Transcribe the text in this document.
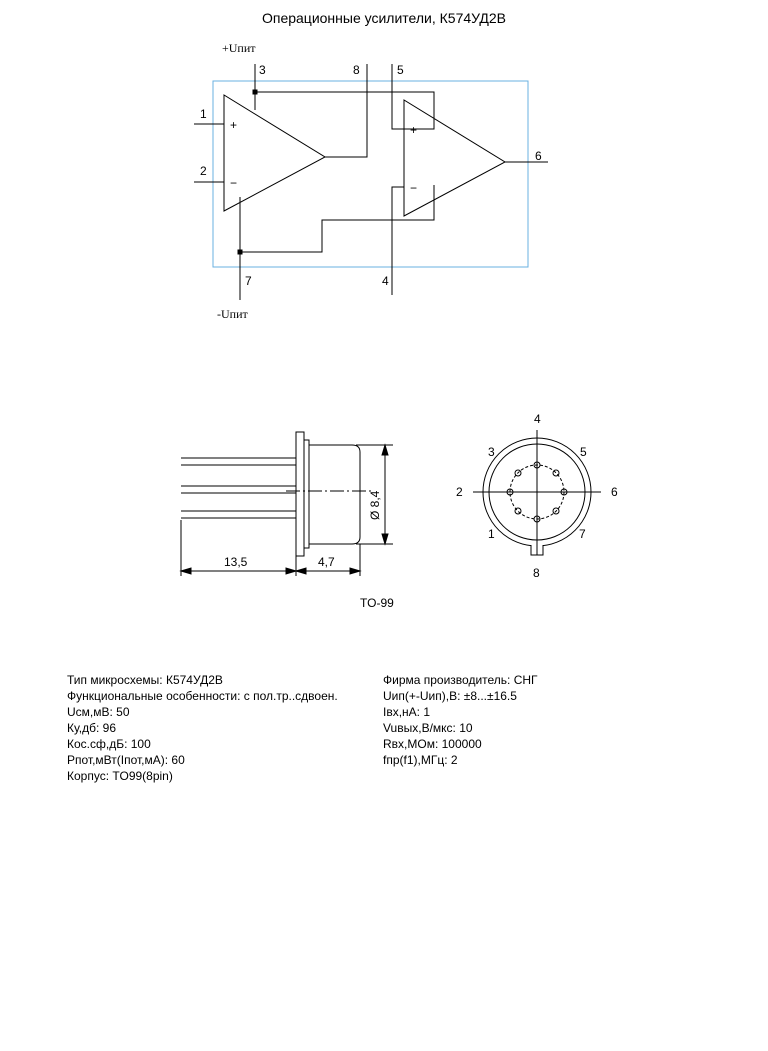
Операционные усилители, К574УД2В
+Uпит
-Uпит
1
2
3
4
5
6
7
8
+
−
+
−
13,5	4,7
Ø 8,4
TO-99
4
5
6
7
8
1
2
3
Тип микросхемы: К574УД2В
Функциональные особенности: с пол.тр..сдвоен.
Uсм,мВ: 50
Ку,дб: 96
Кос.сф,дБ: 100
Рпот,мВт(Iпот,мА): 60
Корпус: TO99(8pin)
Фирма производитель: СНГ
Uип(+-Uип),В: ±8...±16.5
Iвх,нА: 1
Vuвых,В/мкс: 10
Rвх,МОм: 100000
fпр(f1),МГц: 2
